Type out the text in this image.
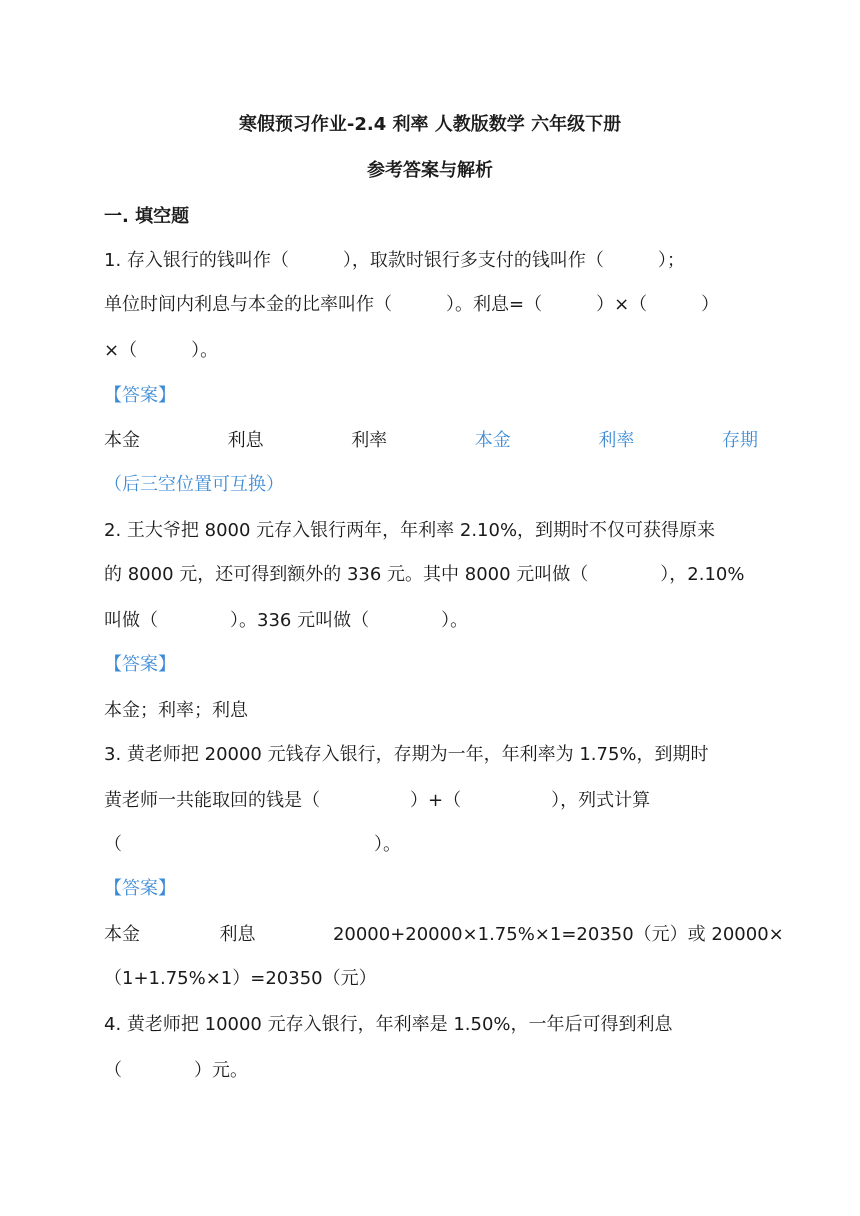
寒假预习作业-2.4 利率 人教版数学 六年级下册
参考答案与解析
一. 填空题
1. 存入银行的钱叫作（　　　），取款时银行多支付的钱叫作（　　　）；
单位时间内利息与本金的比率叫作（　　　）。利息=（　　　）×（　　　）
×（　　　）。
【答案】
本金	利息	利率	本金	利率	存期
（后三空位置可互换）
2. 王大爷把 8000 元存入银行两年，年利率 2.10%，到期时不仅可获得原来
的 8000 元，还可得到额外的 336 元。其中 8000 元叫做（　　　　），2.10%
叫做（　　　　）。336 元叫做（　　　　）。
【答案】
本金；利率；利息
3. 黄老师把 20000 元钱存入银行，存期为一年，年利率为 1.75%，到期时
黄老师一共能取回的钱是（　　　　　）+（　　　　　），列式计算
（　　　　　　　　　　　　　　）。
【答案】
本金	利息	20000+20000×1.75%×1=20350（元）或 20000×
（1+1.75%×1）=20350（元）
4. 黄老师把 10000 元存入银行，年利率是 1.50%，一年后可得到利息
（　　　　）元。
